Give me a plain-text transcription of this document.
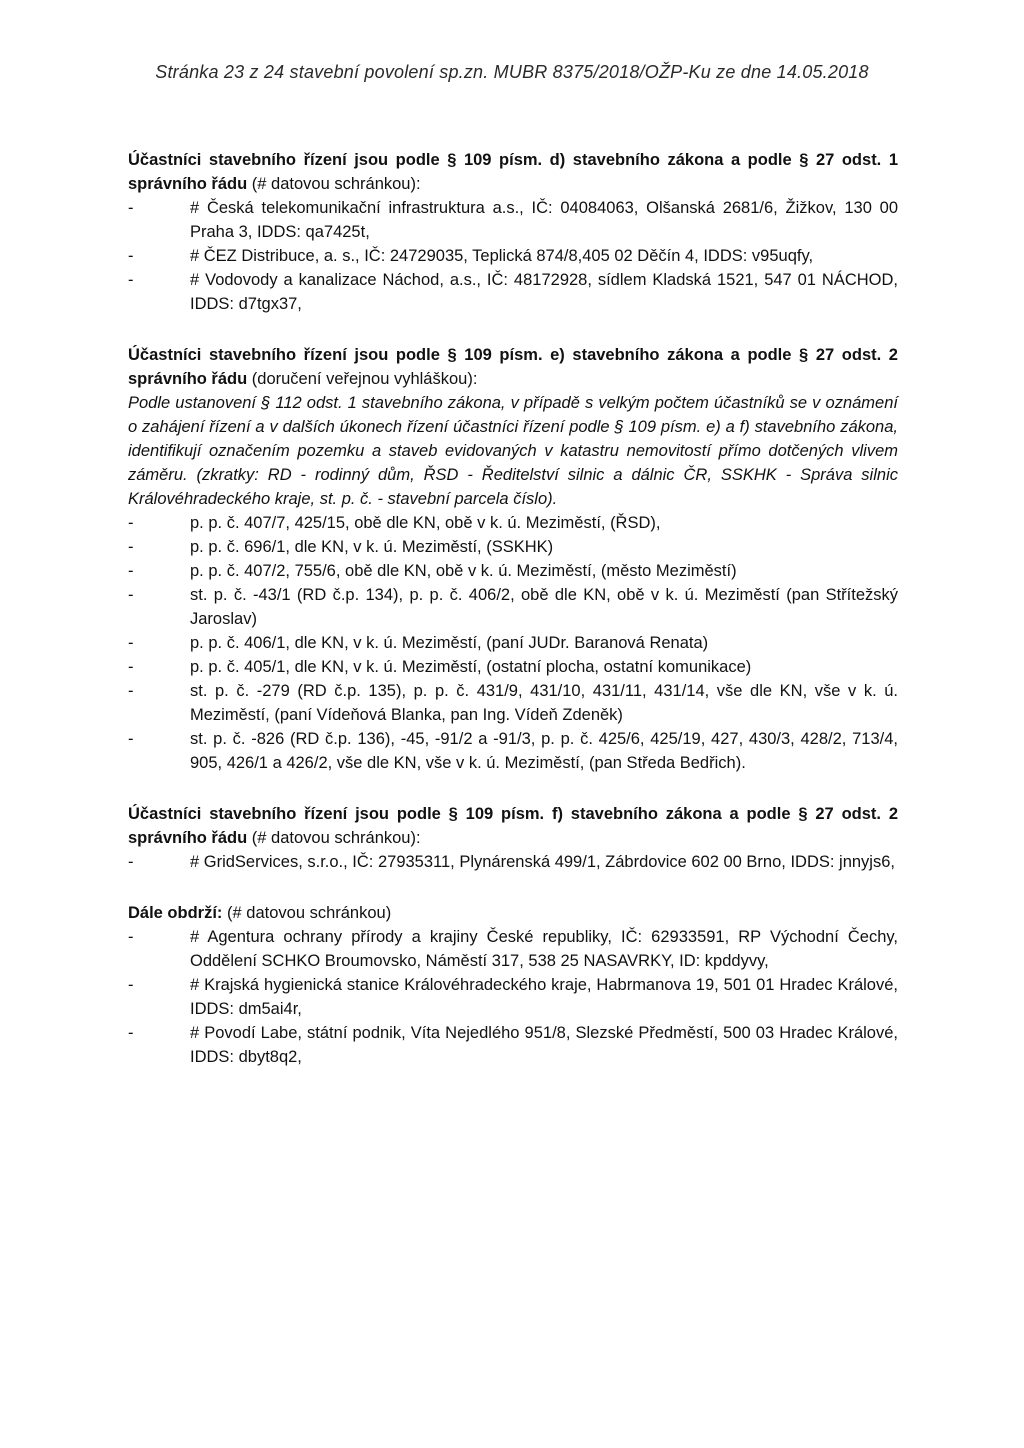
Stránka 23 z 24 stavební povolení sp.zn. MUBR 8375/2018/OŽP-Ku ze dne 14.05.2018
Účastníci stavebního řízení jsou podle § 109 písm. d) stavebního zákona a podle § 27 odst. 1 správního řádu (# datovou schránkou):
- # Česká telekomunikační infrastruktura a.s., IČ: 04084063, Olšanská 2681/6, Žižkov, 130 00 Praha 3, IDDS: qa7425t,
- # ČEZ Distribuce, a. s., IČ: 24729035, Teplická 874/8,405 02 Děčín 4, IDDS: v95uqfy,
- # Vodovody a kanalizace Náchod, a.s., IČ: 48172928, sídlem Kladská 1521, 547 01 NÁCHOD, IDDS: d7tgx37,
Účastníci stavebního řízení jsou podle § 109 písm. e) stavebního zákona a podle § 27 odst. 2 správního řádu (doručení veřejnou vyhláškou):
Podle ustanovení § 112 odst. 1 stavebního zákona, v případě s velkým počtem účastníků se v oznámení o zahájení řízení a v dalších úkonech řízení účastníci řízení podle § 109 písm. e) a f) stavebního zákona, identifikují označením pozemku a staveb evidovaných v katastru nemovitostí přímo dotčených vlivem záměru. (zkratky: RD - rodinný dům, ŘSD - Ředitelství silnic a dálnic ČR, SSKHK - Správa silnic Královéhradeckého kraje, st. p. č. - stavební parcela číslo).
- p. p. č. 407/7, 425/15, obě dle KN, obě v k. ú. Meziměstí, (ŘSD),
- p. p. č. 696/1, dle KN, v k. ú. Meziměstí, (SSKHK)
- p. p. č. 407/2, 755/6, obě dle KN, obě v k. ú. Meziměstí, (město Meziměstí)
- st. p. č. -43/1 (RD č.p. 134), p. p. č. 406/2, obě dle KN, obě v k. ú. Meziměstí (pan Střítežský Jaroslav)
- p. p. č. 406/1, dle KN, v k. ú. Meziměstí, (paní JUDr. Baranová Renata)
- p. p. č. 405/1, dle KN, v k. ú. Meziměstí, (ostatní plocha, ostatní komunikace)
- st. p. č. -279 (RD č.p. 135), p. p. č. 431/9, 431/10, 431/11, 431/14, vše dle KN, vše v k. ú. Meziměstí, (paní Vídeňová Blanka, pan Ing. Vídeň Zdeněk)
- st. p. č. -826 (RD č.p. 136), -45, -91/2 a -91/3, p. p. č. 425/6, 425/19, 427, 430/3, 428/2, 713/4, 905, 426/1 a 426/2, vše dle KN, vše v k. ú. Meziměstí, (pan Středa Bedřich).
Účastníci stavebního řízení jsou podle § 109 písm. f) stavebního zákona a podle § 27 odst. 2 správního řádu (# datovou schránkou):
- # GridServices, s.r.o., IČ: 27935311, Plynárenská 499/1, Zábrdovice 602 00 Brno, IDDS: jnnyjs6,
Dále obdrží: (# datovou schránkou)
- # Agentura ochrany přírody a krajiny České republiky, IČ: 62933591, RP Východní Čechy, Oddělení SCHKO Broumovsko, Náměstí 317, 538 25 NASAVRKY, ID: kpddyvy,
- # Krajská hygienická stanice Královéhradeckého kraje, Habrmanova 19, 501 01 Hradec Králové, IDDS: dm5ai4r,
- # Povodí Labe, státní podnik, Víta Nejedlého 951/8, Slezské Předměstí, 500 03 Hradec Králové, IDDS: dbyt8q2,
